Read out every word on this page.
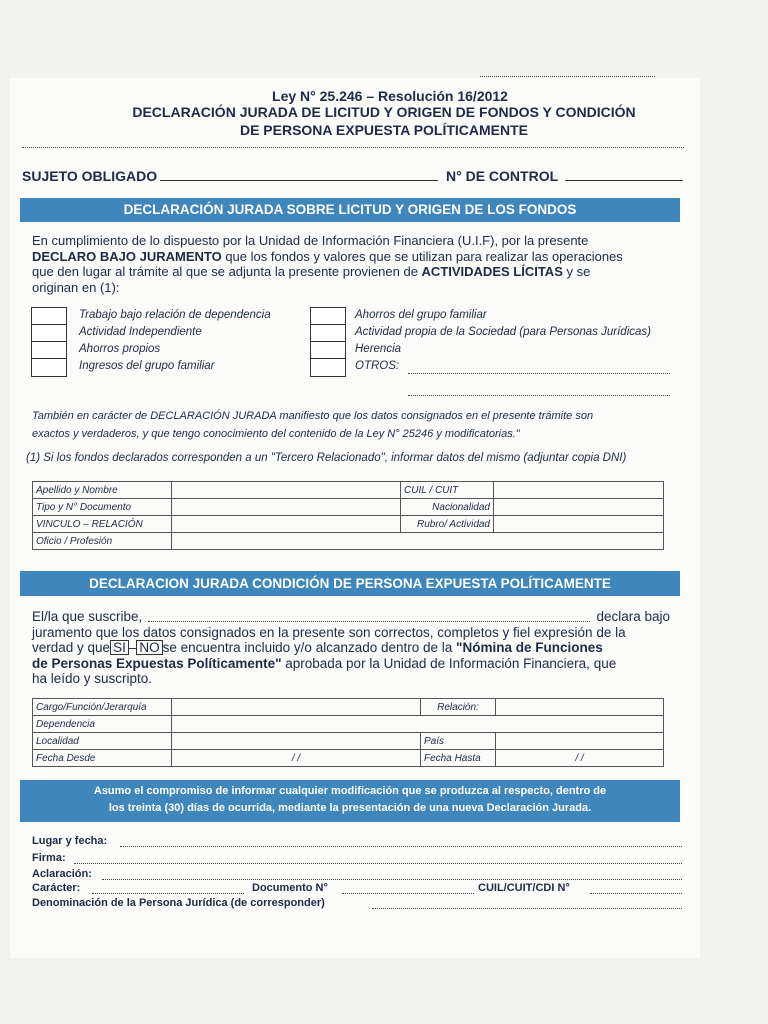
Ley N° 25.246 – Resolución 16/2012
DECLARACIÓN JURADA DE LICITUD Y ORIGEN DE FONDOS Y CONDICIÓN
DE PERSONA EXPUESTA POLÍTICAMENTE
SUJETO OBLIGADO	N° DE CONTROL
DECLARACIÓN JURADA SOBRE LICITUD Y ORIGEN DE LOS FONDOS
En cumplimiento de lo dispuesto por la Unidad de Información Financiera (U.I.F), por la presente
DECLARO BAJO JURAMENTO que los fondos y valores que se utilizan para realizar las operaciones
que den lugar al trámite al que se adjunta la presente provienen de ACTIVIDADES LÍCITAS y se
originan en (1):
Trabajo bajo relación de dependencia
Actividad Independiente
Ahorros propios
Ingresos del grupo familiar
Ahorros del grupo familiar
Actividad propia de la Sociedad (para Personas Jurídicas)
Herencia
OTROS:
También en carácter de DECLARACIÓN JURADA manifiesto que los datos consignados en el presente trámite son
exactos y verdaderos, y que tengo conocimiento del contenido de la Ley N° 25246 y modificatorias."
(1) Si los fondos declarados corresponden a un "Tercero Relacionado", informar datos del mismo (adjuntar copia DNI)
Apellido y Nombre		CUIL / CUIT	
Tipo y N° Documento		Nacionalidad	
VINCULO – RELACIÓN		Rubro/ Actividad	
Oficio / Profesión			
DECLARACION JURADA CONDICIÓN DE PERSONA EXPUESTA POLÍTICAMENTE
El/la que suscribe,	declara bajo
juramento que los datos consignados en la presente son correctos, completos y fiel expresión de la
verdad y que SI – NO se encuentra incluido y/o alcanzado dentro de la "Nómina de Funciones
de Personas Expuestas Políticamente" aprobada por la Unidad de Información Financiera, que
ha leído y suscripto.
Cargo/Función/Jerarquía		Relación:	
Dependencia			
Localidad		País	
Fecha Desde	/ /	Fecha Hasta	/ /
Asumo el compromiso de informar cualquier modificación que se produzca al respecto, dentro de
los treinta (30) días de ocurrida, mediante la presentación de una nueva Declaración Jurada.
Lugar y fecha:
Firma:
Aclaración:
Carácter:	Documento N°	CUIL/CUIT/CDI N°
Denominación de la Persona Jurídica (de corresponder)
